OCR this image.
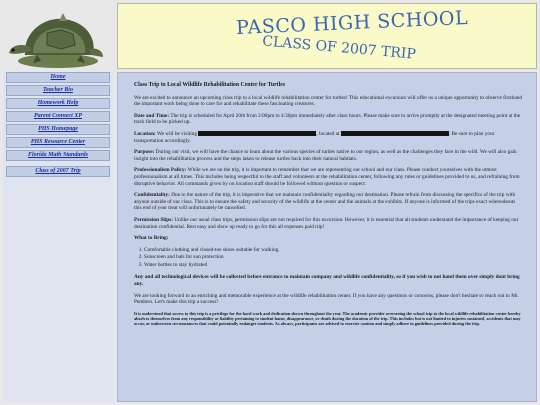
PASCO HIGH SCHOOL
CLASS OF 2007 TRIP
Home
Teacher Bio
Homework Help
Parent Connect XP
PHS Homepage
PHS Resource Center
Florida Math Standards
Class of 2007 Trip

Class Trip to Local Wildlife Rehabilitation Center for Turtles

We are excited to announce an upcoming class trip to a local wildlife rehabilitation center for turtles! This educational excursion will offer us a unique opportunity to observe firsthand the important work being done to care for and rehabilitate these fascinating creatures.

Date and Time: The trip is scheduled for April 20th from 3:00pm to 4:30pm immediately after class hours. Please make sure to arrive promptly at the designated meeting point at the track field to be picked up.

Location: We will be visiting	, located at	. Be sure to plan your transportation accordingly.

Purpose: During our visit, we will have the chance to learn about the various species of turtles native to our region, as well as the challenges they face in the wild. We will also gain insight into the rehabilitation process and the steps taken to release turtles back into their natural habitats.

Professionalism Policy: While we are on the trip, it is important to remember that we are representing our school and our class. Please conduct yourselves with the utmost professionalism at all times. This includes being respectful to the staff and volunteers at the rehabilitation center, following any rules or guidelines provided to us, and refraining from disruptive behavior. All commands given by on location staff should be followed without question or suspect.

Confidentiality: Due to the nature of the trip, it is imperative that we maintain confidentiality regarding our destination. Please refrain from discussing the specifics of the trip with anyone outside of our class. This is to ensure the safety and security of the wildlife at the center and the animals at the exhibits. If anyone is informed of the trips exact whereabouts this end of year treat will unfortunately be cancelled.

Permission Slips: Unlike our usual class trips, permission slips are not required for this excursion. However, it is essential that all students understand the importance of keeping our destination confidential. Rest easy and show up ready to go for this all expenses paid trip!

What to Bring:

1. Comfortable clothing and closed-toe shoes suitable for walking.
2. Sunscreen and hats for sun protection
3. Water bottles to stay hydrated

Any and all technological devices will be collected before entrance to maintain company and wildlife confidentiality, so if you wish to not hand them over simply dont bring any.

We are looking forward to an enriching and memorable experience at the wildlife rehabilitation center. If you have any questions or concerns, please don't hesitate to reach out to Mr. Pembers. Let's make this trip a success!

It is understood that access to this trip is a privilege for the hard work and dedication shown throughout the year. The academic provider overseeing the school trip to the local wildlife rehabilitation center hereby absolves themselves from any responsibility or liability pertaining to student harm, disappearance, or death during the duration of the trip. This includes but is not limited to injuries sustained, accidents that may occur, or unforeseen circumstances that could potentially endanger students. As always, participants are advised to exercise caution and simply adhere to guidelines provided during the trip.
